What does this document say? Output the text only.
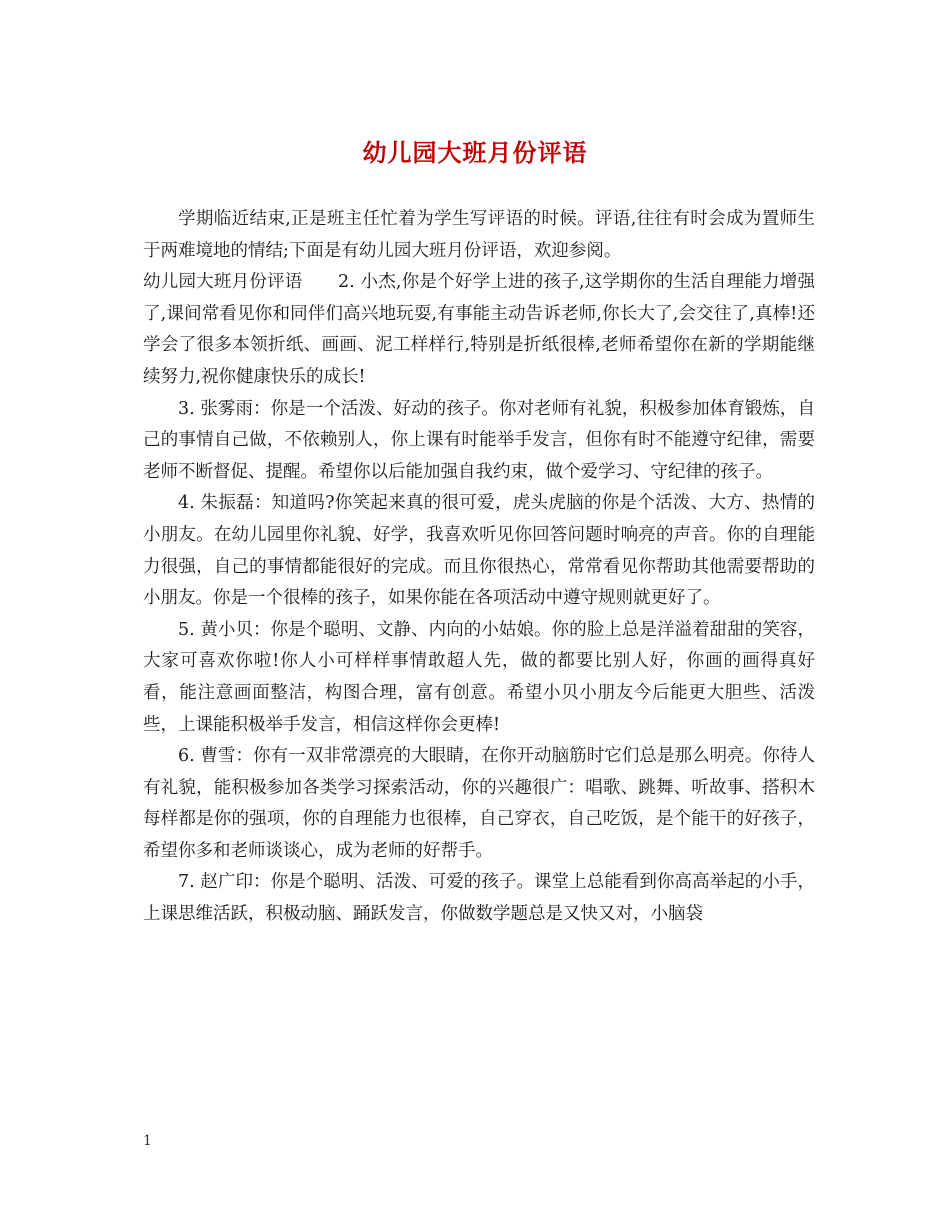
幼儿园大班月份评语

学期临近结束,正是班主任忙着为学生写评语的时候。评语,往往有时会成为置师生于两难境地的情结;下面是有幼儿园大班月份评语，欢迎参阅。

幼儿园大班月份评语　　2. 小杰,你是个好学上进的孩子,这学期你的生活自理能力增强了,课间常看见你和同伴们高兴地玩耍,有事能主动告诉老师,你长大了,会交往了,真棒!还学会了很多本领折纸、画画、泥工样样行,特别是折纸很棒,老师希望你在新的学期能继续努力,祝你健康快乐的成长!

3. 张雾雨：你是一个活泼、好动的孩子。你对老师有礼貌，积极参加体育锻炼，自己的事情自己做，不依赖别人，你上课有时能举手发言，但你有时不能遵守纪律，需要老师不断督促、提醒。希望你以后能加强自我约束，做个爱学习、守纪律的孩子。

4. 朱振磊：知道吗?你笑起来真的很可爱，虎头虎脑的你是个活泼、大方、热情的小朋友。在幼儿园里你礼貌、好学，我喜欢听见你回答问题时响亮的声音。你的自理能力很强，自己的事情都能很好的完成。而且你很热心，常常看见你帮助其他需要帮助的小朋友。你是一个很棒的孩子，如果你能在各项活动中遵守规则就更好了。

5. 黄小贝：你是个聪明、文静、内向的小姑娘。你的脸上总是洋溢着甜甜的笑容，大家可喜欢你啦!你人小可样样事情敢超人先，做的都要比别人好，你画的画得真好看，能注意画面整洁，构图合理，富有创意。希望小贝小朋友今后能更大胆些、活泼些，上课能积极举手发言，相信这样你会更棒!

6. 曹雪：你有一双非常漂亮的大眼睛，在你开动脑筋时它们总是那么明亮。你待人有礼貌，能积极参加各类学习探索活动，你的兴趣很广：唱歌、跳舞、听故事、搭积木每样都是你的强项，你的自理能力也很棒，自己穿衣，自己吃饭，是个能干的好孩子，希望你多和老师谈谈心，成为老师的好帮手。

7. 赵广印：你是个聪明、活泼、可爱的孩子。课堂上总能看到你高高举起的小手，上课思维活跃，积极动脑、踊跃发言，你做数学题总是又快又对，小脑袋

1
